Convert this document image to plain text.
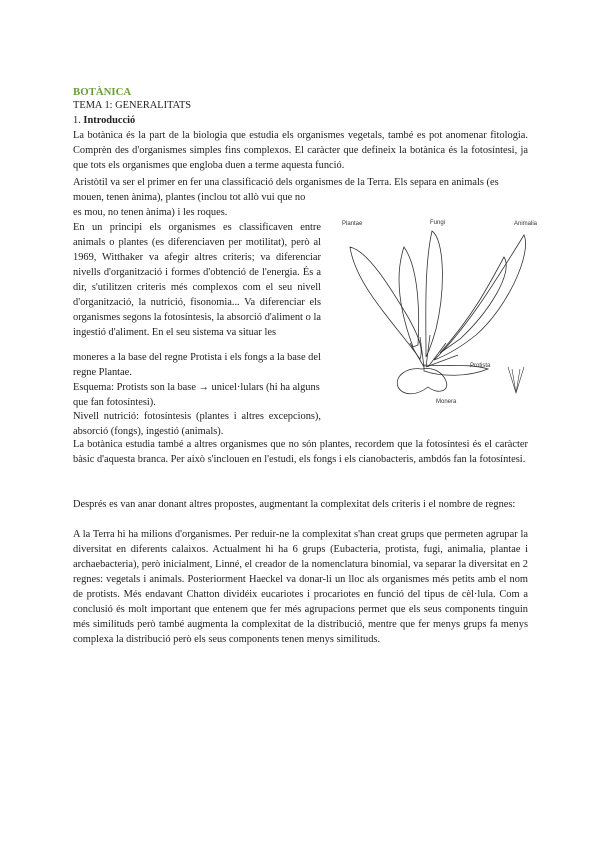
BOTÀNICA
TEMA 1: GENERALITATS
1. Introducció
La botànica és la part de la biologia que estudia els organismes vegetals, també es pot anomenar fitologia. Comprèn des d'organismes simples fins complexos. El caràcter que defineix la botànica és la fotosíntesi, ja que tots els organismes que engloba duen a terme aquesta funció.
Aristòtil va ser el primer en fer una classificació dels organismes de la Terra. Els separa en animals (es
mouen, tenen ànima), plantes (inclou tot allò vui que no
es mou, no tenen ànima) i les roques.
En un principi els organismes es classificaven entre animals o plantes (es diferenciaven per motilitat), però al 1969, Witthaker va afegir altres criteris; va diferenciar nivells d'organització i formes d'obtenció de l'energia. És a dir, s'utilitzen criteris més complexos com el seu nivell d'organització, la nutrició, fisonomia... Va diferenciar els organismes segons la fotosíntesis, la absorció d'aliment o la ingestió d'aliment. En el seu sistema va situar les
moneres a la base del regne Protista i els fongs a la base del regne Plantae.
Esquema: Protists son la base → unicel·lulars (hi ha alguns que fan fotosíntesi).
Nivell nutrició: fotosíntesis (plantes i altres excepcions), absorció (fongs), ingestió (animals).
La botànica estudia també a altres organismes que no són plantes, recordem que la fotosíntesi és el caràcter bàsic d'aquesta branca. Per això s'inclouen en l'estudi, els fongs i els cianobacteris, ambdós fan la fotosíntesi.
Després es van anar donant altres propostes, augmentant la complexitat dels criteris i el nombre de regnes:
A la Terra hi ha milions d'organismes. Per reduir-ne la complexitat s'han creat grups que permeten agrupar la diversitat en diferents calaixos. Actualment hi ha 6 grups (Eubacteria, protista, fugi, animalia, plantae i archaebacteria), però inicialment, Linné, el creador de la nomenclatura binomial, va separar la diversitat en 2 regnes: vegetals i animals. Posteriorment Haeckel va donar-li un lloc als organismes més petits amb el nom de protists. Més endavant Chatton dividéix eucariotes i procariotes en funció del tipus de cèl·lula. Com a conclusió és molt important que entenem que fer més agrupacions permet que els seus components tinguin més similituds però també augmenta la complexitat de la distribució, mentre que fer menys grups fa menys complexa la distribució però els seus components tenen menys similituds.
Plantae	Fungi	Animalia
Protista
Monera
